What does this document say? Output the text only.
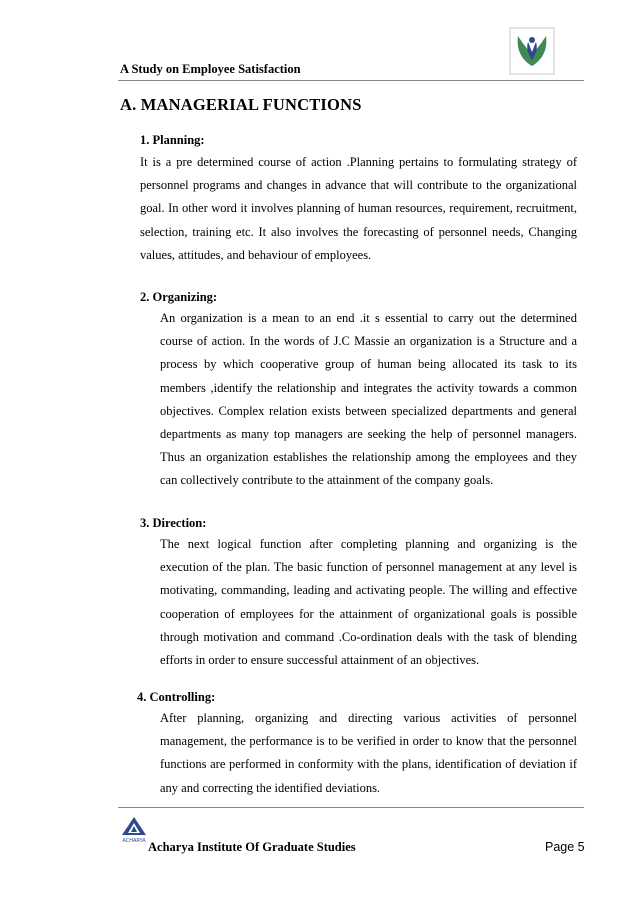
A Study on Employee Satisfaction
A. MANAGERIAL FUNCTIONS
1. Planning:

It is a pre determined course of action .Planning pertains to formulating strategy of personnel programs and changes in advance that will contribute to the organizational goal. In other word it involves planning of human resources, requirement, recruitment, selection, training etc. It also involves the forecasting of personnel needs, Changing values, attitudes, and behaviour of employees.

2. Organizing:

An organization is a mean to an end .it s essential to carry out the determined course of action. In the words of J.C Massie an organization is a Structure and a process by which cooperative group of human being allocated its task to its members ,identify the relationship and integrates the activity towards a common objectives. Complex relation exists between specialized departments and general departments as many top managers are seeking the help of personnel managers. Thus an organization establishes the relationship among the employees and they can collectively contribute to the attainment of the company goals.

3. Direction:

The next logical function after completing planning and organizing is the execution of the plan. The basic function of personnel management at any level is motivating, commanding, leading and activating people. The willing and effective cooperation of employees for the attainment of organizational goals is possible through motivation and command .Co-ordination deals with the task of blending efforts in order to ensure successful attainment of an objectives.

4. Controlling:

After planning, organizing and directing various activities of personnel management, the performance is to be verified in order to know that the personnel functions are performed in conformity with the plans, identification of deviation if any and correcting the identified deviations.

ACHARYA Acharya Institute Of Graduate Studies	Page 5
